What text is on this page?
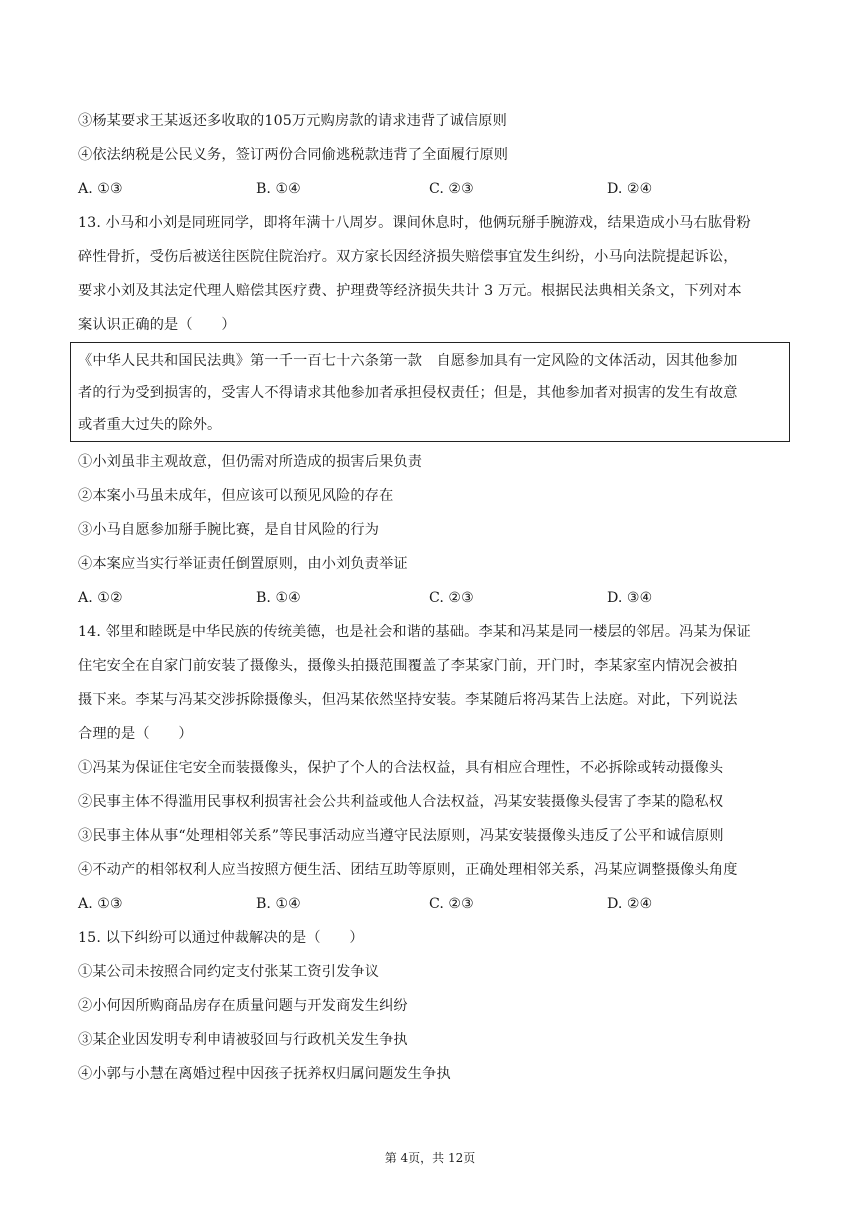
③杨某要求王某返还多收取的105万元购房款的请求违背了诚信原则
④依法纳税是公民义务，签订两份合同偷逃税款违背了全面履行原则
A. ①③	B. ①④	C. ②③	D. ②④
13. 小马和小刘是同班同学，即将年满十八周岁。课间休息时，他俩玩掰手腕游戏，结果造成小马右肱骨粉
碎性骨折，受伤后被送往医院住院治疗。双方家长因经济损失赔偿事宜发生纠纷，小马向法院提起诉讼，
要求小刘及其法定代理人赔偿其医疗费、护理费等经济损失共计 3 万元。根据民法典相关条文，下列对本
案认识正确的是（　　）
《中华人民共和国民法典》第一千一百七十六条第一款　自愿参加具有一定风险的文体活动，因其他参加
者的行为受到损害的，受害人不得请求其他参加者承担侵权责任；但是，其他参加者对损害的发生有故意
或者重大过失的除外。
①小刘虽非主观故意，但仍需对所造成的损害后果负责
②本案小马虽未成年，但应该可以预见风险的存在
③小马自愿参加掰手腕比赛，是自甘风险的行为
④本案应当实行举证责任倒置原则，由小刘负责举证
A. ①②	B. ①④	C. ②③	D. ③④
14. 邻里和睦既是中华民族的传统美德，也是社会和谐的基础。李某和冯某是同一楼层的邻居。冯某为保证
住宅安全在自家门前安装了摄像头，摄像头拍摄范围覆盖了李某家门前，开门时，李某家室内情况会被拍
摄下来。李某与冯某交涉拆除摄像头，但冯某依然坚持安装。李某随后将冯某告上法庭。对此，下列说法
合理的是（　　）
①冯某为保证住宅安全而装摄像头，保护了个人的合法权益，具有相应合理性，不必拆除或转动摄像头
②民事主体不得滥用民事权利损害社会公共利益或他人合法权益，冯某安装摄像头侵害了李某的隐私权
③民事主体从事“处理相邻关系”等民事活动应当遵守民法原则，冯某安装摄像头违反了公平和诚信原则
④不动产的相邻权利人应当按照方便生活、团结互助等原则，正确处理相邻关系，冯某应调整摄像头角度
A. ①③	B. ①④	C. ②③	D. ②④
15. 以下纠纷可以通过仲裁解决的是（　　）
①某公司未按照合同约定支付张某工资引发争议
②小何因所购商品房存在质量问题与开发商发生纠纷
③某企业因发明专利申请被驳回与行政机关发生争执
④小郭与小慧在离婚过程中因孩子抚养权归属问题发生争执
第 4页，共 12页
